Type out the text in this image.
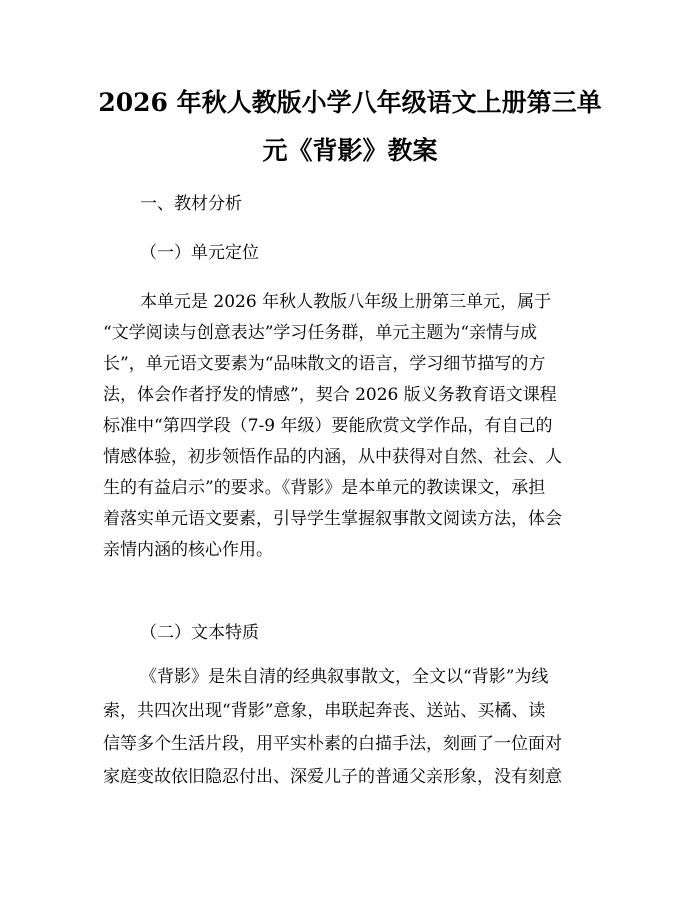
2026 年秋人教版小学八年级语文上册第三单
元《背影》教案
一、教材分析
（一）单元定位
本单元是 2026 年秋人教版八年级上册第三单元，属于
“文学阅读与创意表达”学习任务群，单元主题为“亲情与成
长”，单元语文要素为“品味散文的语言，学习细节描写的方
法，体会作者抒发的情感”，契合 2026 版义务教育语文课程
标准中“第四学段（7-9 年级）要能欣赏文学作品，有自己的
情感体验，初步领悟作品的内涵，从中获得对自然、社会、人
生的有益启示”的要求。《背影》是本单元的教读课文，承担
着落实单元语文要素，引导学生掌握叙事散文阅读方法，体会
亲情内涵的核心作用。
（二）文本特质
《背影》是朱自清的经典叙事散文，全文以“背影”为线
索，共四次出现“背影”意象，串联起奔丧、送站、买橘、读
信等多个生活片段，用平实朴素的白描手法，刻画了一位面对
家庭变故依旧隐忍付出、深爱儿子的普通父亲形象，没有刻意
